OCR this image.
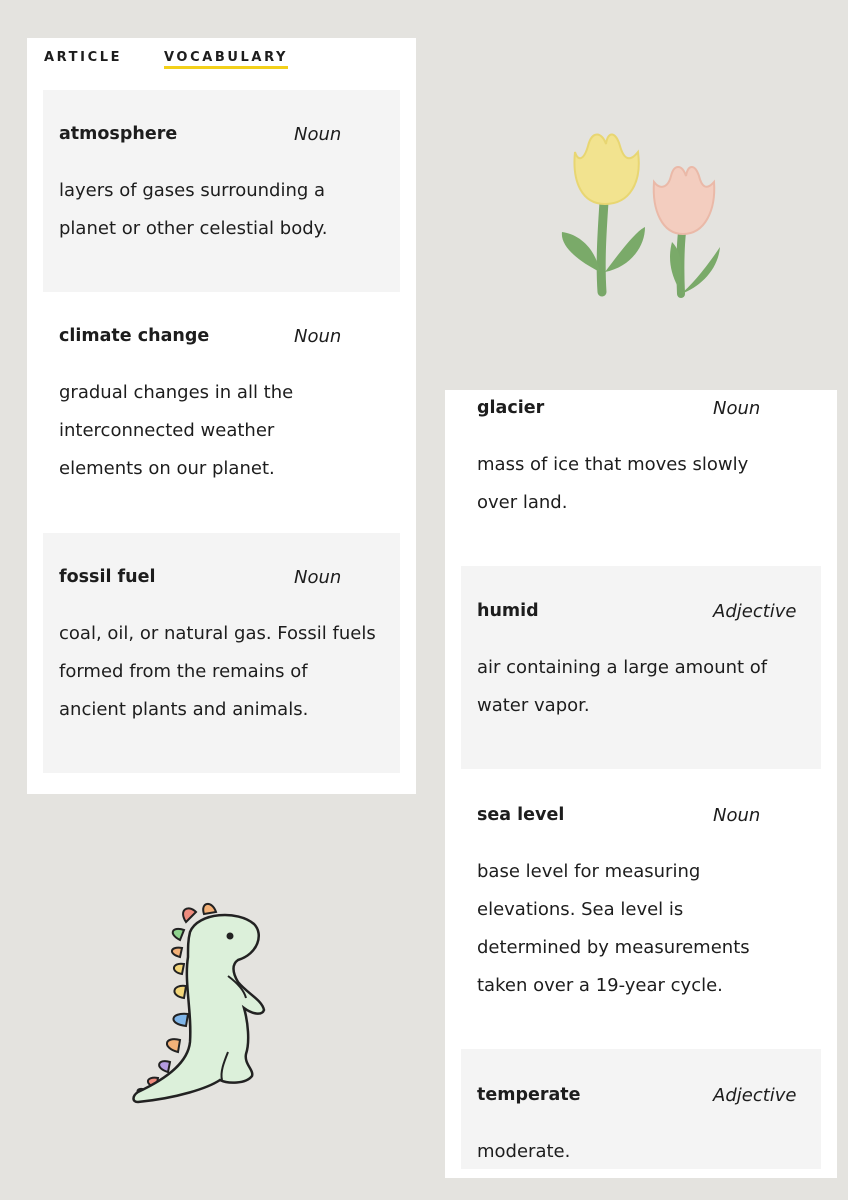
ARTICLE	VOCABULARY
atmosphere	Noun
layers of gases surrounding a
planet or other celestial body.
climate change	Noun
gradual changes in all the
interconnected weather
elements on our planet.
fossil fuel	Noun
coal, oil, or natural gas. Fossil fuels
formed from the remains of
ancient plants and animals.
glacier	Noun
mass of ice that moves slowly
over land.
humid	Adjective
air containing a large amount of
water vapor.
sea level	Noun
base level for measuring
elevations. Sea level is
determined by measurements
taken over a 19-year cycle.
temperate	Adjective
moderate.
